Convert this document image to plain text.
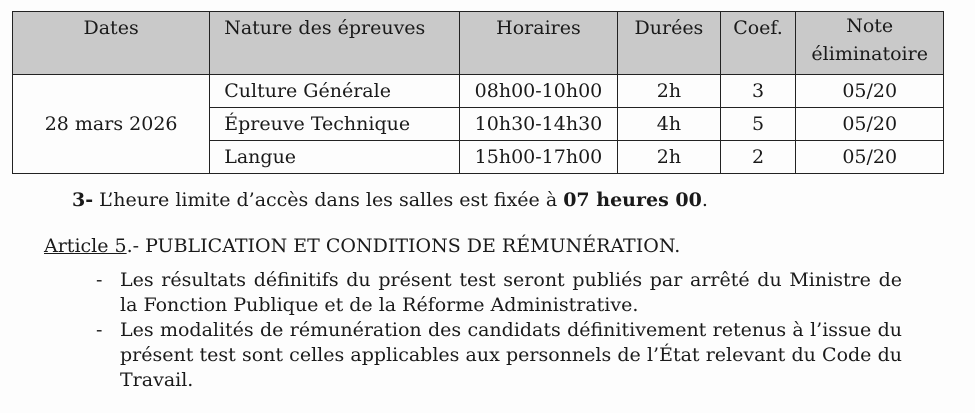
Dates	Nature des épreuves	Horaires	Durées	Coef.	Note
éliminatoire
28 mars 2026	Culture Générale	08h00-10h00	2h	3	05/20
	Épreuve Technique	10h30-14h30	4h	5	05/20
	Langue	15h00-17h00	2h	2	05/20
3- L’heure limite d’accès dans les salles est fixée à 07 heures 00.
Article 5.- PUBLICATION ET CONDITIONS DE RÉMUNÉRATION.
- Les résultats définitifs du présent test seront publiés par arrêté du Ministre de la Fonction Publique et de la Réforme Administrative.
- Les modalités de rémunération des candidats définitivement retenus à l’issue du présent test sont celles applicables aux personnels de l’État relevant du Code du Travail.
